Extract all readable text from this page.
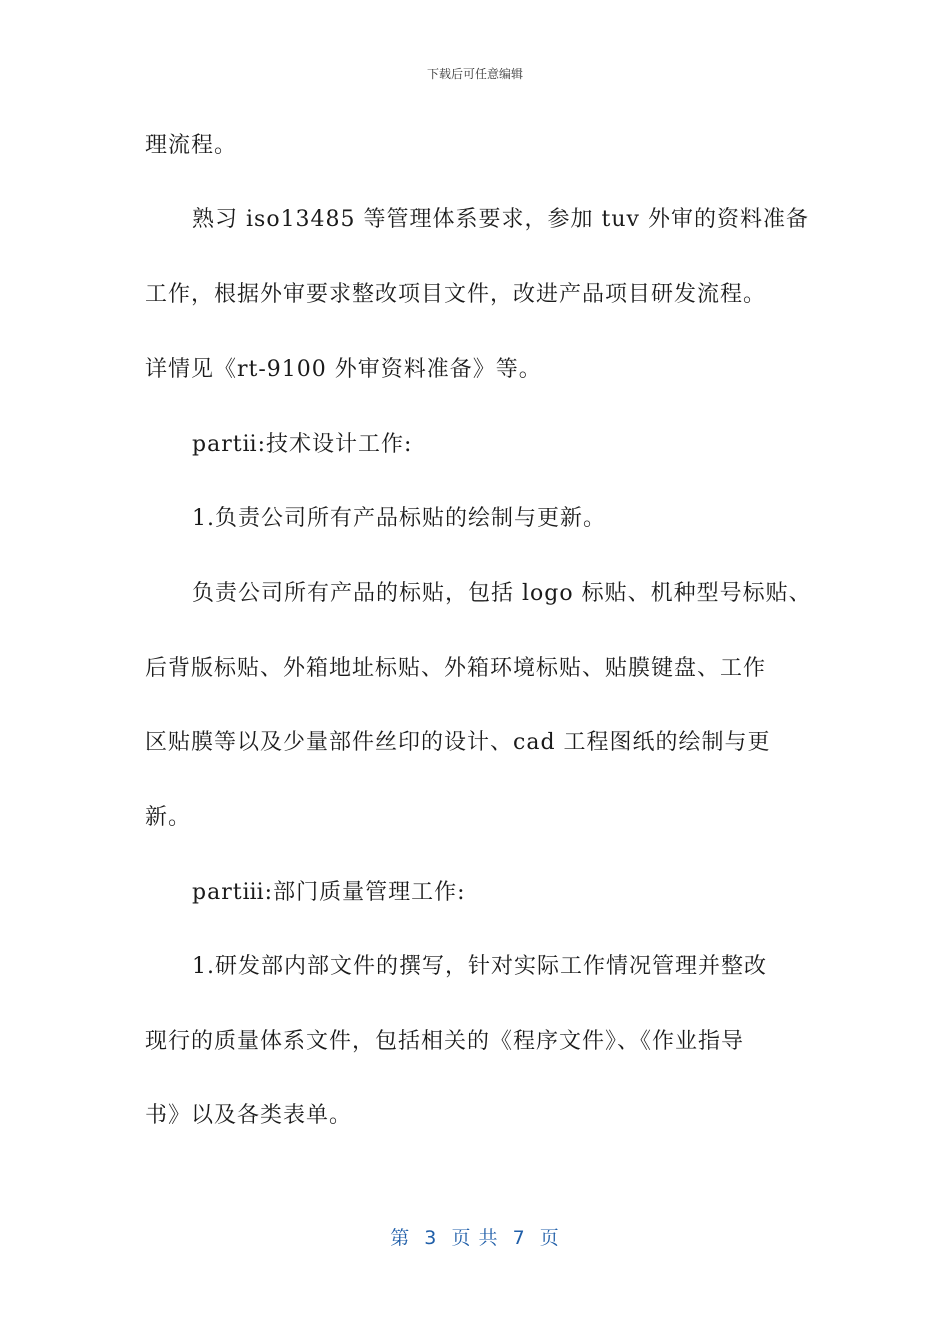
下载后可任意编辑
理流程。
熟习 iso13485 等管理体系要求，参加 tuv 外审的资料准备
工作，根据外审要求整改项目文件，改进产品项目研发流程。
详情见《rt-9100 外审资料准备》等。
partⅱ:技术设计工作:
1.负责公司所有产品标贴的绘制与更新。
负责公司所有产品的标贴，包括 logo 标贴、机种型号标贴、
后背版标贴、外箱地址标贴、外箱环境标贴、贴膜键盘、工作
区贴膜等以及少量部件丝印的设计、cad 工程图纸的绘制与更
新。
partⅲ:部门质量管理工作:
1.研发部内部文件的撰写，针对实际工作情况管理并整改
现行的质量体系文件，包括相关的《程序文件》、《作业指导
书》以及各类表单。
第  3  页 共  7  页
